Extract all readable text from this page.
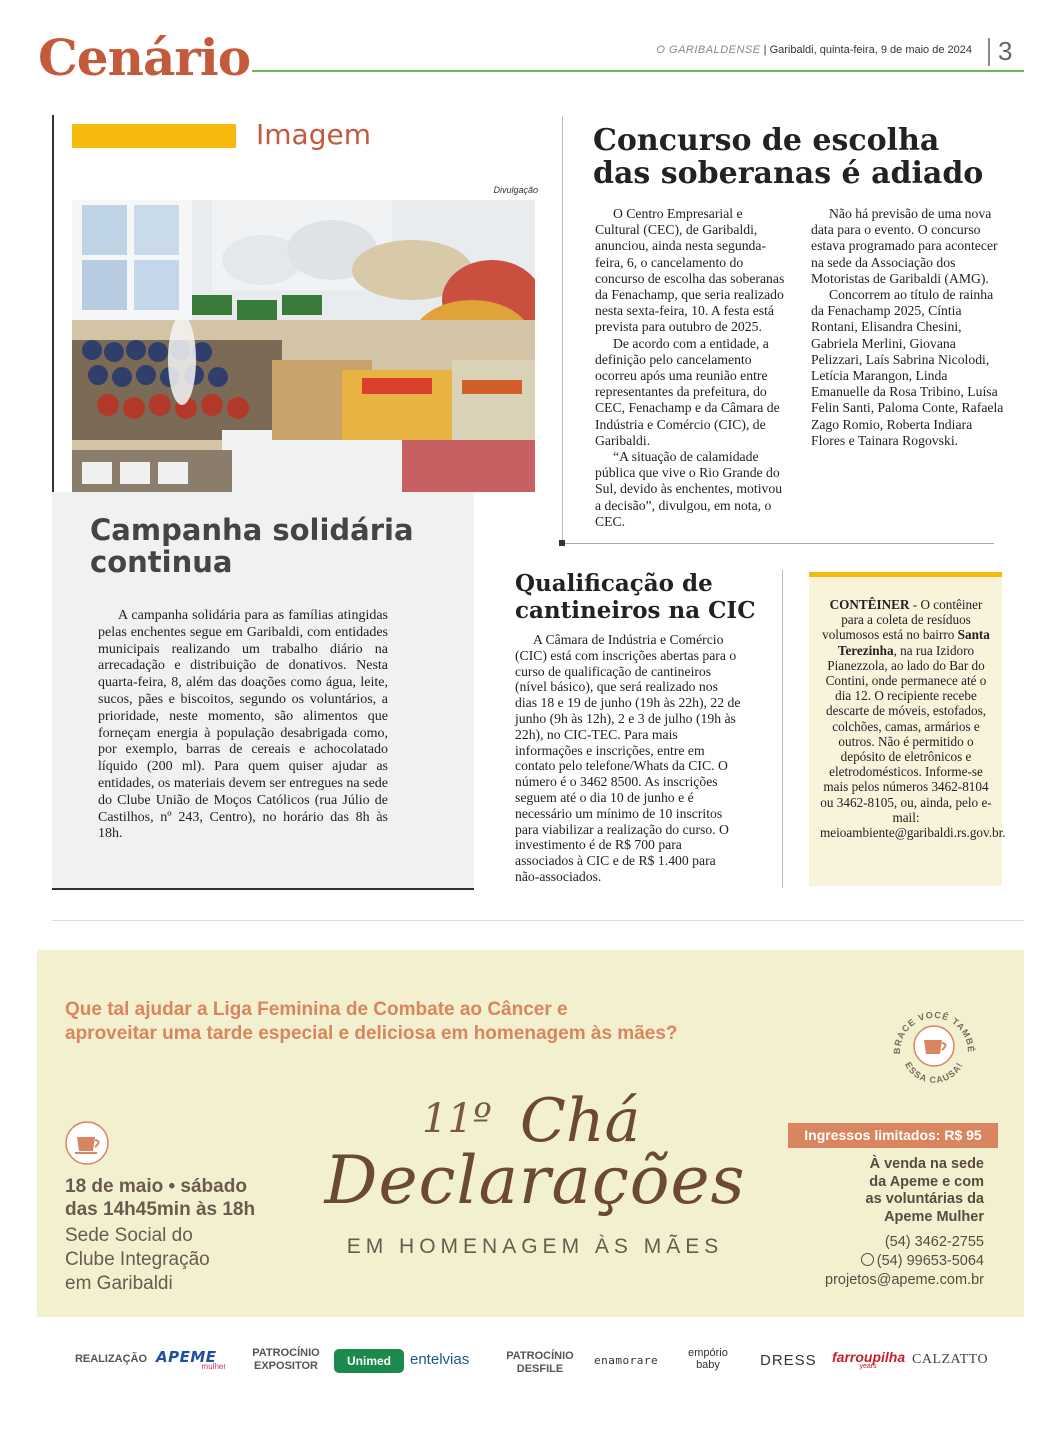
Cenário	O GARIBALDENSE | Garibaldi, quinta-feira, 9 de maio de 2024 3
Imagem
Divulgação
Campanha solidária
continua

A campanha solidária para as famílias atingidas pelas enchentes segue em Garibaldi, com entidades municipais realizando um trabalho diário na arrecadação e distribuição de donativos. Nesta quarta-feira, 8, além das doações como água, leite, sucos, pães e biscoitos, segundo os voluntários, a prioridade, neste momento, são alimentos que forneçam energia à população desabrigada como, por exemplo, barras de cereais e achocolatado líquido (200 ml). Para quem quiser ajudar as entidades, os materiais devem ser entregues na sede do Clube União de Moços Católicos (rua Júlio de Castilhos, nº 243, Centro), no horário das 8h às 18h.

Concurso de escolha das soberanas é adiado

O Centro Empresarial e Cultural (CEC), de Garibaldi, anunciou, ainda nesta segunda-feira, 6, o cancelamento do concurso de escolha das soberanas da Fenachamp, que seria realizado nesta sexta-feira, 10. A festa está prevista para outubro de 2025.

De acordo com a entidade, a definição pelo cancelamento ocorreu após uma reunião entre representantes da prefeitura, do CEC, Fenachamp e da Câmara de Indústria e Comércio (CIC), de Garibaldi.

“A situação de calamidade pública que vive o Rio Grande do Sul, devido às enchentes, motivou a decisão”, divulgou, em nota, o CEC.

Não há previsão de uma nova data para o evento. O concurso estava programado para acontecer na sede da Associação dos Motoristas de Garibaldi (AMG).

Concorrem ao título de rainha da Fenachamp 2025, Cíntia Rontani, Elisandra Chesini, Gabriela Merlini, Giovana Pelizzari, Laís Sabrina Nicolodi, Letícia Marangon, Linda Emanuelle da Rosa Tribino, Luísa Felin Santi, Paloma Conte, Rafaela Zago Romio, Roberta Indiara Flores e Tainara Rogovski.

Qualificação de cantineiros na CIC

A Câmara de Indústria e Comércio (CIC) está com inscrições abertas para o curso de qualificação de cantineiros (nível básico), que será realizado nos dias 18 e 19 de junho (19h às 22h), 22 de junho (9h às 12h), 2 e 3 de julho (19h às 22h), no CIC-TEC. Para mais informações e inscrições, entre em contato pelo telefone/Whats da CIC. O número é o 3462 8500. As inscrições seguem até o dia 10 de junho e é necessário um mínimo de 10 inscritos para viabilizar a realização do curso. O investimento é de R$ 700 para associados à CIC e de R$ 1.400 para não-associados.

CONTÊINER - O contêiner para a coleta de resíduos volumosos está no bairro Santa Terezinha, na rua Izidoro Pianezzola, ao lado do Bar do Contini, onde permanece até o dia 12. O recipiente recebe descarte de móveis, estofados, colchões, camas, armários e outros. Não é permitido o depósito de eletrônicos e eletrodomésticos. Informe-se mais pelos números 3462-8104 ou 3462-8105, ou, ainda, pelo e-mail: meioambiente@garibaldi.rs.gov.br.

Que tal ajudar a Liga Feminina de Combate ao Câncer e
aproveitar uma tarde especial e deliciosa em homenagem às mães?
BRACE VOCÊ TAMBÉ
ESSA CAUSA!
18 de maio • sábado
das 14h45min às 18h
Sede Social do
Clube Integração
em Garibaldi
11º Chá
Declarações
EM HOMENAGEM ÀS MÃES
Ingressos limitados: R$ 95
À venda na sede
da Apeme e com
as voluntárias da
Apeme Mulher
(54) 3462-2755
(54) 99653-5064
projetos@apeme.com.br
REALIZAÇÃO APEME
mulher
PATROCÍNIO
EXPOSITOR	Unimed	entelvias	PATROCÍNIO
DESFILE
enamorare
empório
baby	DRESS farroupilha
years	CALZATTO
